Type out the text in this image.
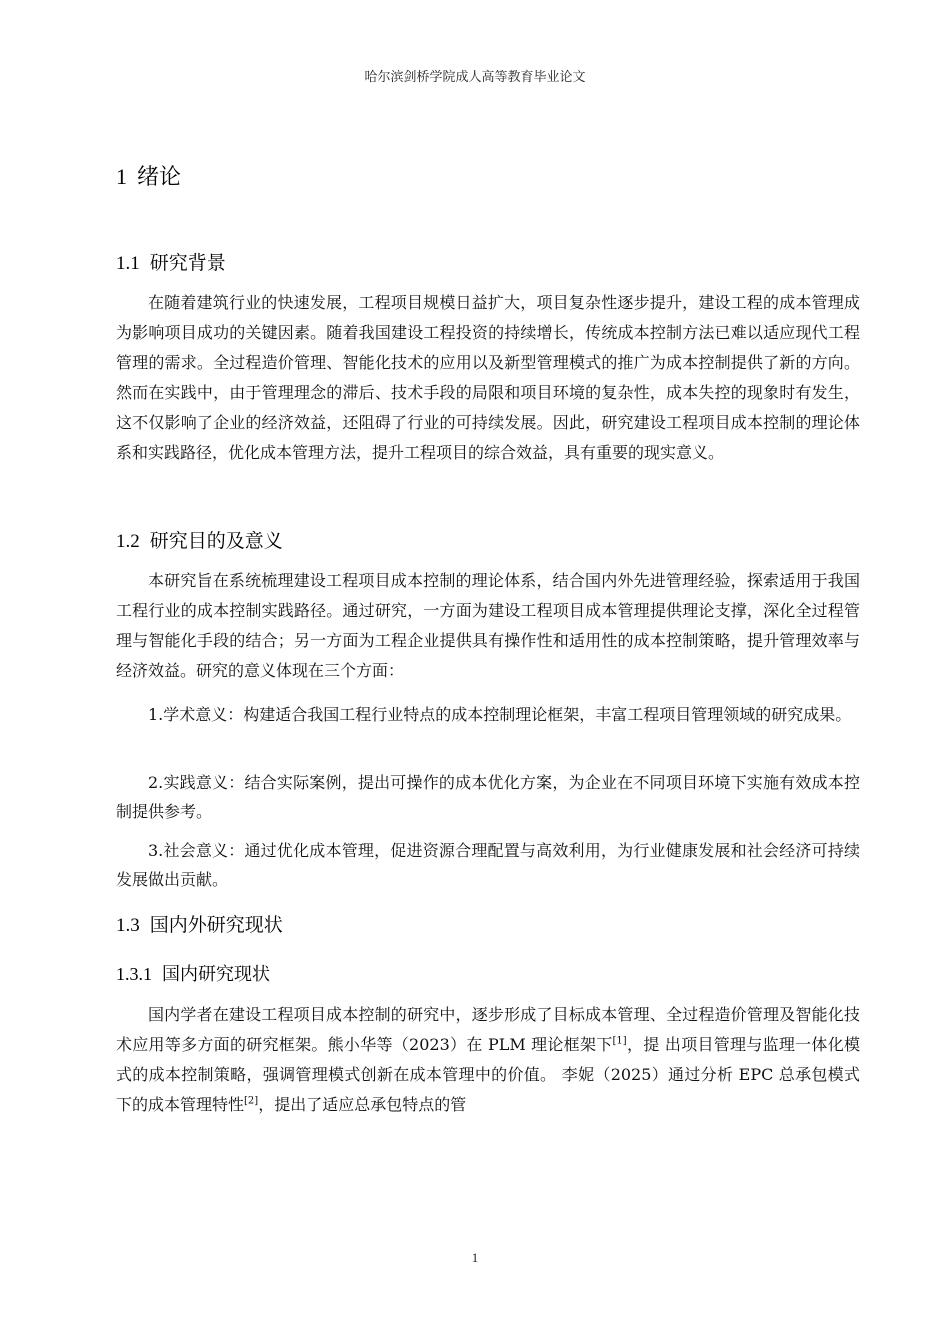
哈尔滨剑桥学院成人高等教育毕业论文
1 绪论
1.1 研究背景

在随着建筑行业的快速发展，工程项目规模日益扩大，项目复杂性逐步提升，建设工程的成本管理成为影响项目成功的关键因素。随着我国建设工程投资的持续增长，传统成本控制方法已难以适应现代工程管理的需求。全过程造价管理、智能化技术的应用以及新型管理模式的推广为成本控制提供了新的方向。然而在实践中，由于管理理念的滞后、技术手段的局限和项目环境的复杂性，成本失控的现象时有发生，这不仅影响了企业的经济效益，还阻碍了行业的可持续发展。因此，研究建设工程项目成本控制的理论体系和实践路径，优化成本管理方法，提升工程项目的综合效益，具有重要的现实意义。

1.2 研究目的及意义

本研究旨在系统梳理建设工程项目成本控制的理论体系，结合国内外先进管理经验，探索适用于我国工程行业的成本控制实践路径。通过研究，一方面为建设工程项目成本管理提供理论支撑，深化全过程管理与智能化手段的结合；另一方面为工程企业提供具有操作性和适用性的成本控制策略，提升管理效率与经济效益。研究的意义体现在三个方面：

1.学术意义：构建适合我国工程行业特点的成本控制理论框架，丰富工程项目管理领域的研究成果。

2.实践意义：结合实际案例，提出可操作的成本优化方案，为企业在不同项目环境下实施有效成本控制提供参考。

3.社会意义：通过优化成本管理，促进资源合理配置与高效利用，为行业健康发展和社会经济可持续发展做出贡献。

1.3 国内外研究现状
1.3.1 国内研究现状

国内学者在建设工程项目成本控制的研究中，逐步形成了目标成本管理、全过程造价管理及智能化技术应用等多方面的研究框架。熊小华等（2023）在 PLM 理论框架下[1]，提 出项目管理与监理一体化模式的成本控制策略，强调管理模式创新在成本管理中的价值。 李妮（2025）通过分析 EPC 总承包模式下的成本管理特性[2]，提出了适应总承包特点的管

1
